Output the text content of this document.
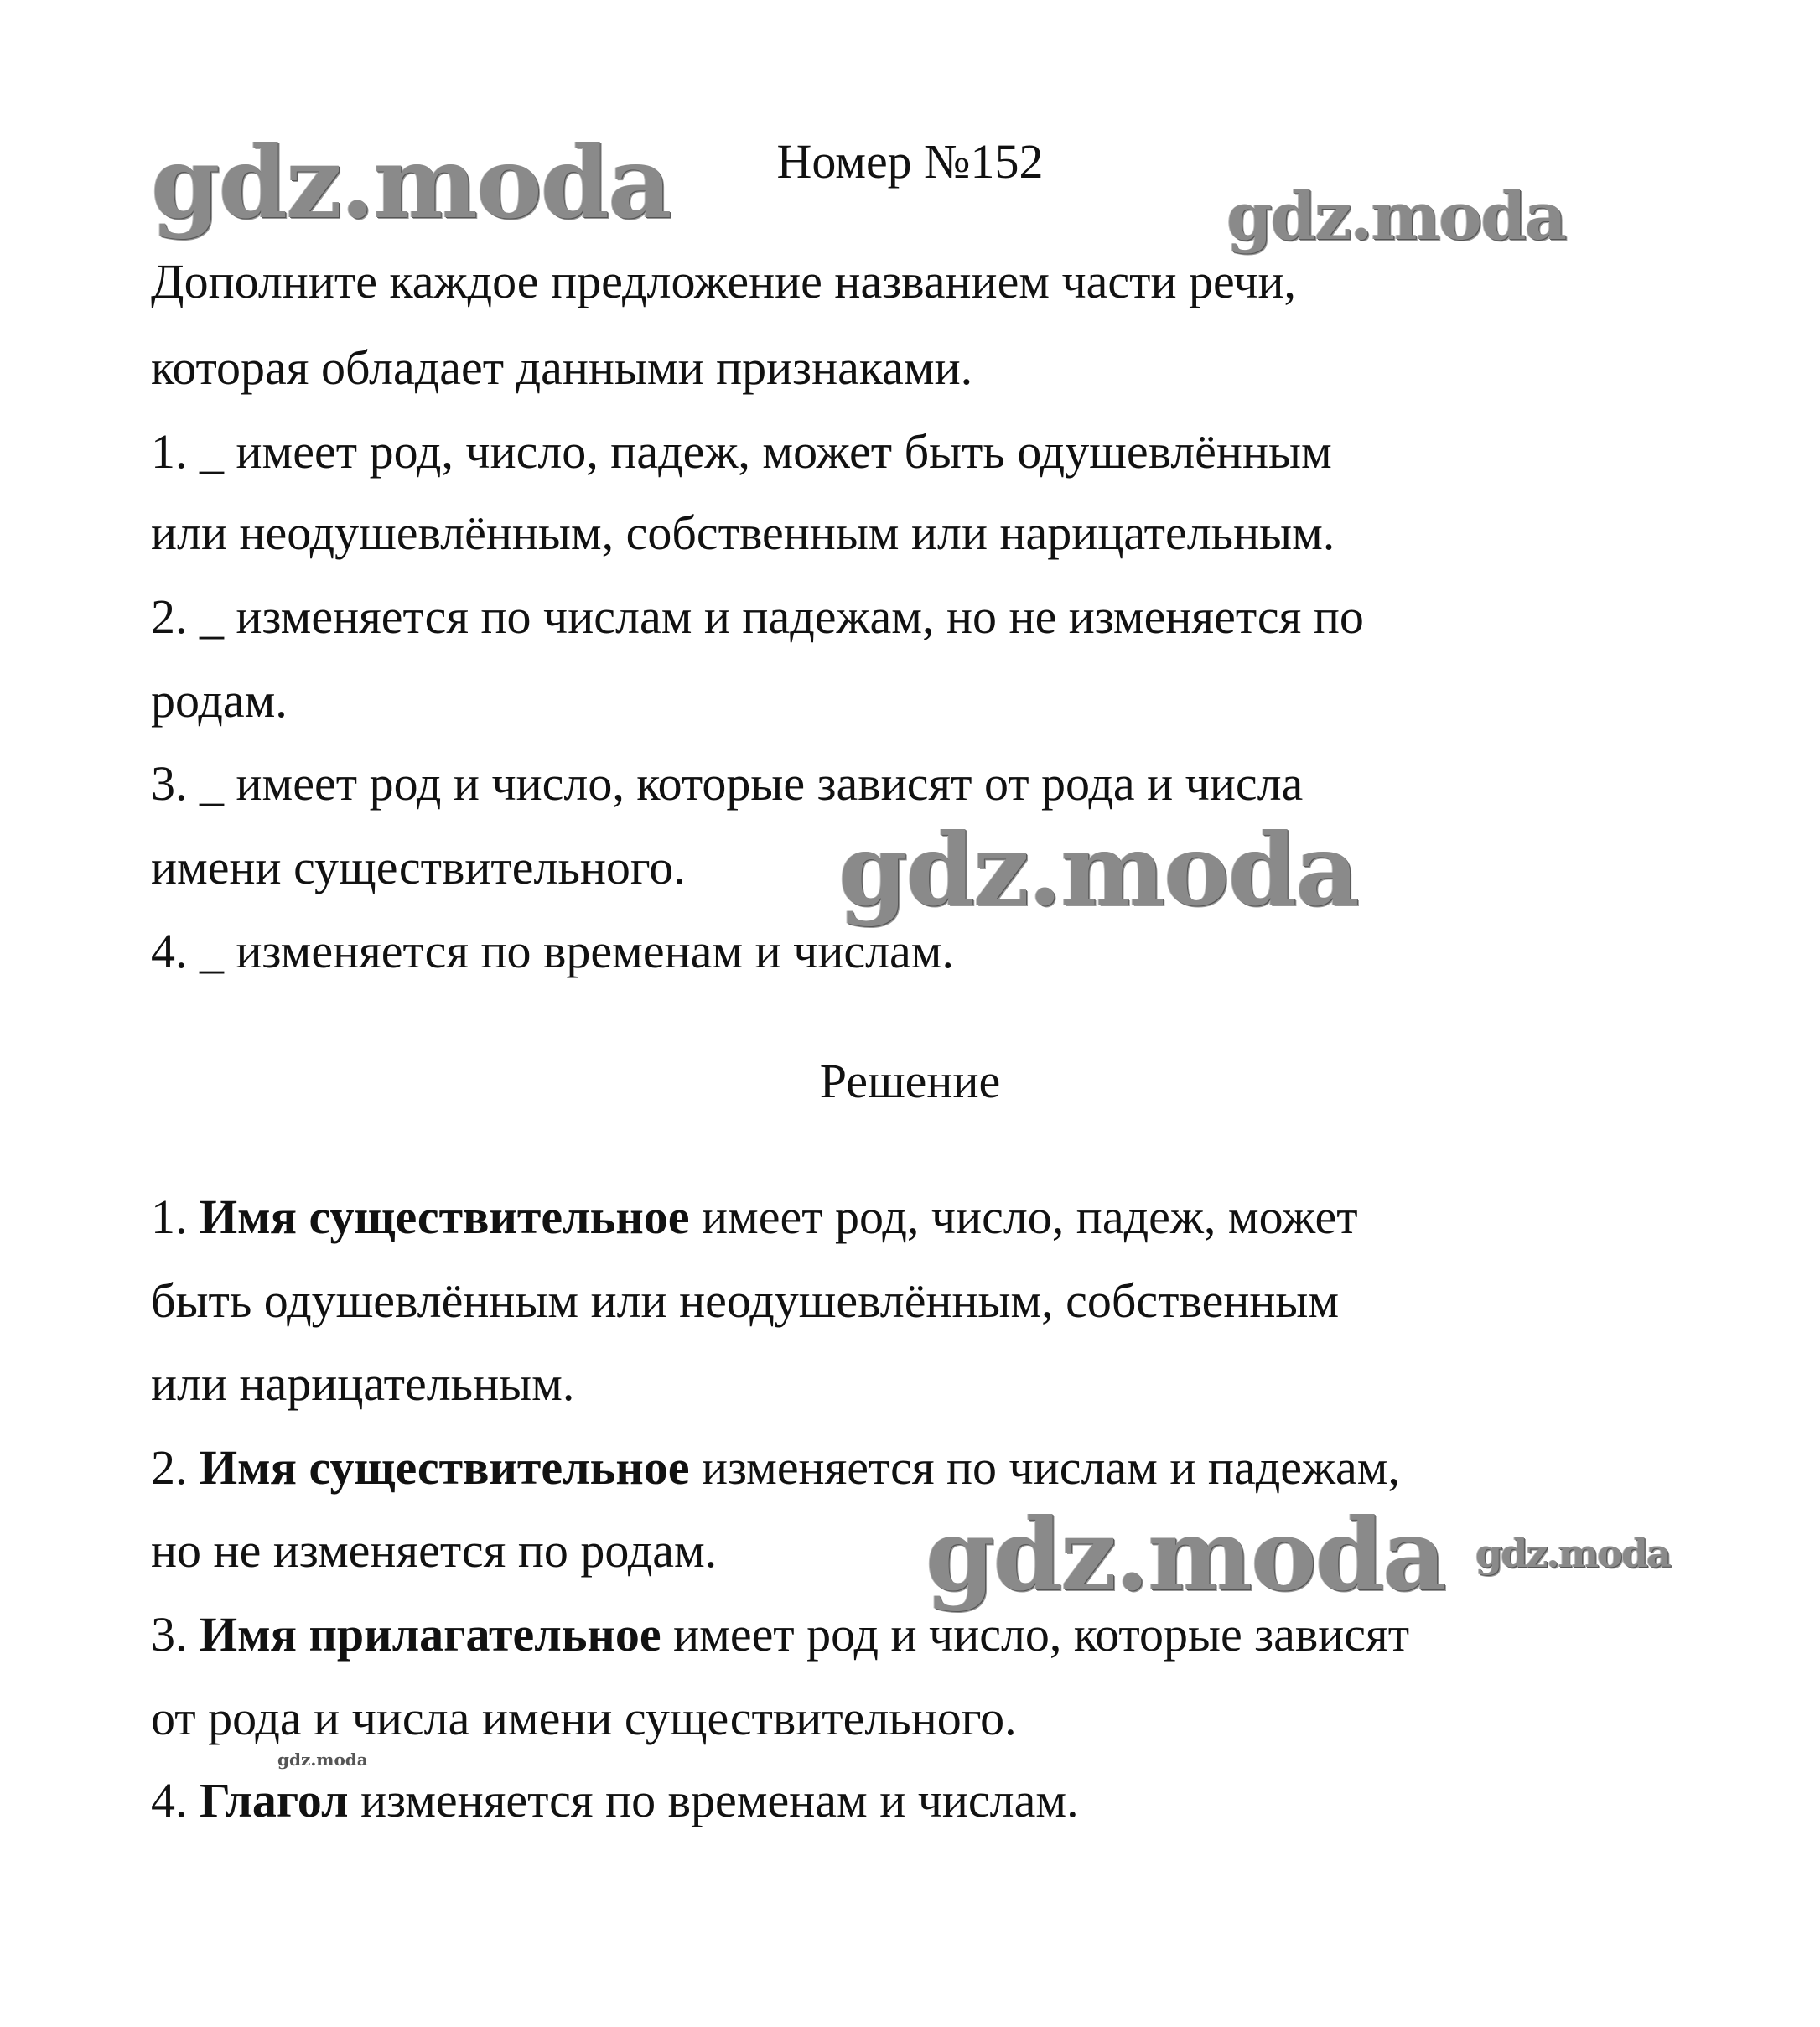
Номер №152
Дополните каждое предложение названием части речи,
которая обладает данными признаками.
1. _ имеет род, число, падеж, может быть одушевлённым
или неодушевлённым, собственным или нарицательным.
2. _ изменяется по числам и падежам, но не изменяется по
родам.
3. _ имеет род и число, которые зависят от рода и числа
имени существительного.
4. _ изменяется по временам и числам.
Решение
1. Имя существительное имеет род, число, падеж, может
быть одушевлённым или неодушевлённым, собственным
или нарицательным.
2. Имя существительное изменяется по числам и падежам,
но не изменяется по родам.
3. Имя прилагательное имеет род и число, которые зависят
от рода и числа имени существительного.
4. Глагол изменяется по временам и числам.
gdz.moda	gdz.moda
gdz.moda
gdz.moda
gdz.moda
gdz.moda
